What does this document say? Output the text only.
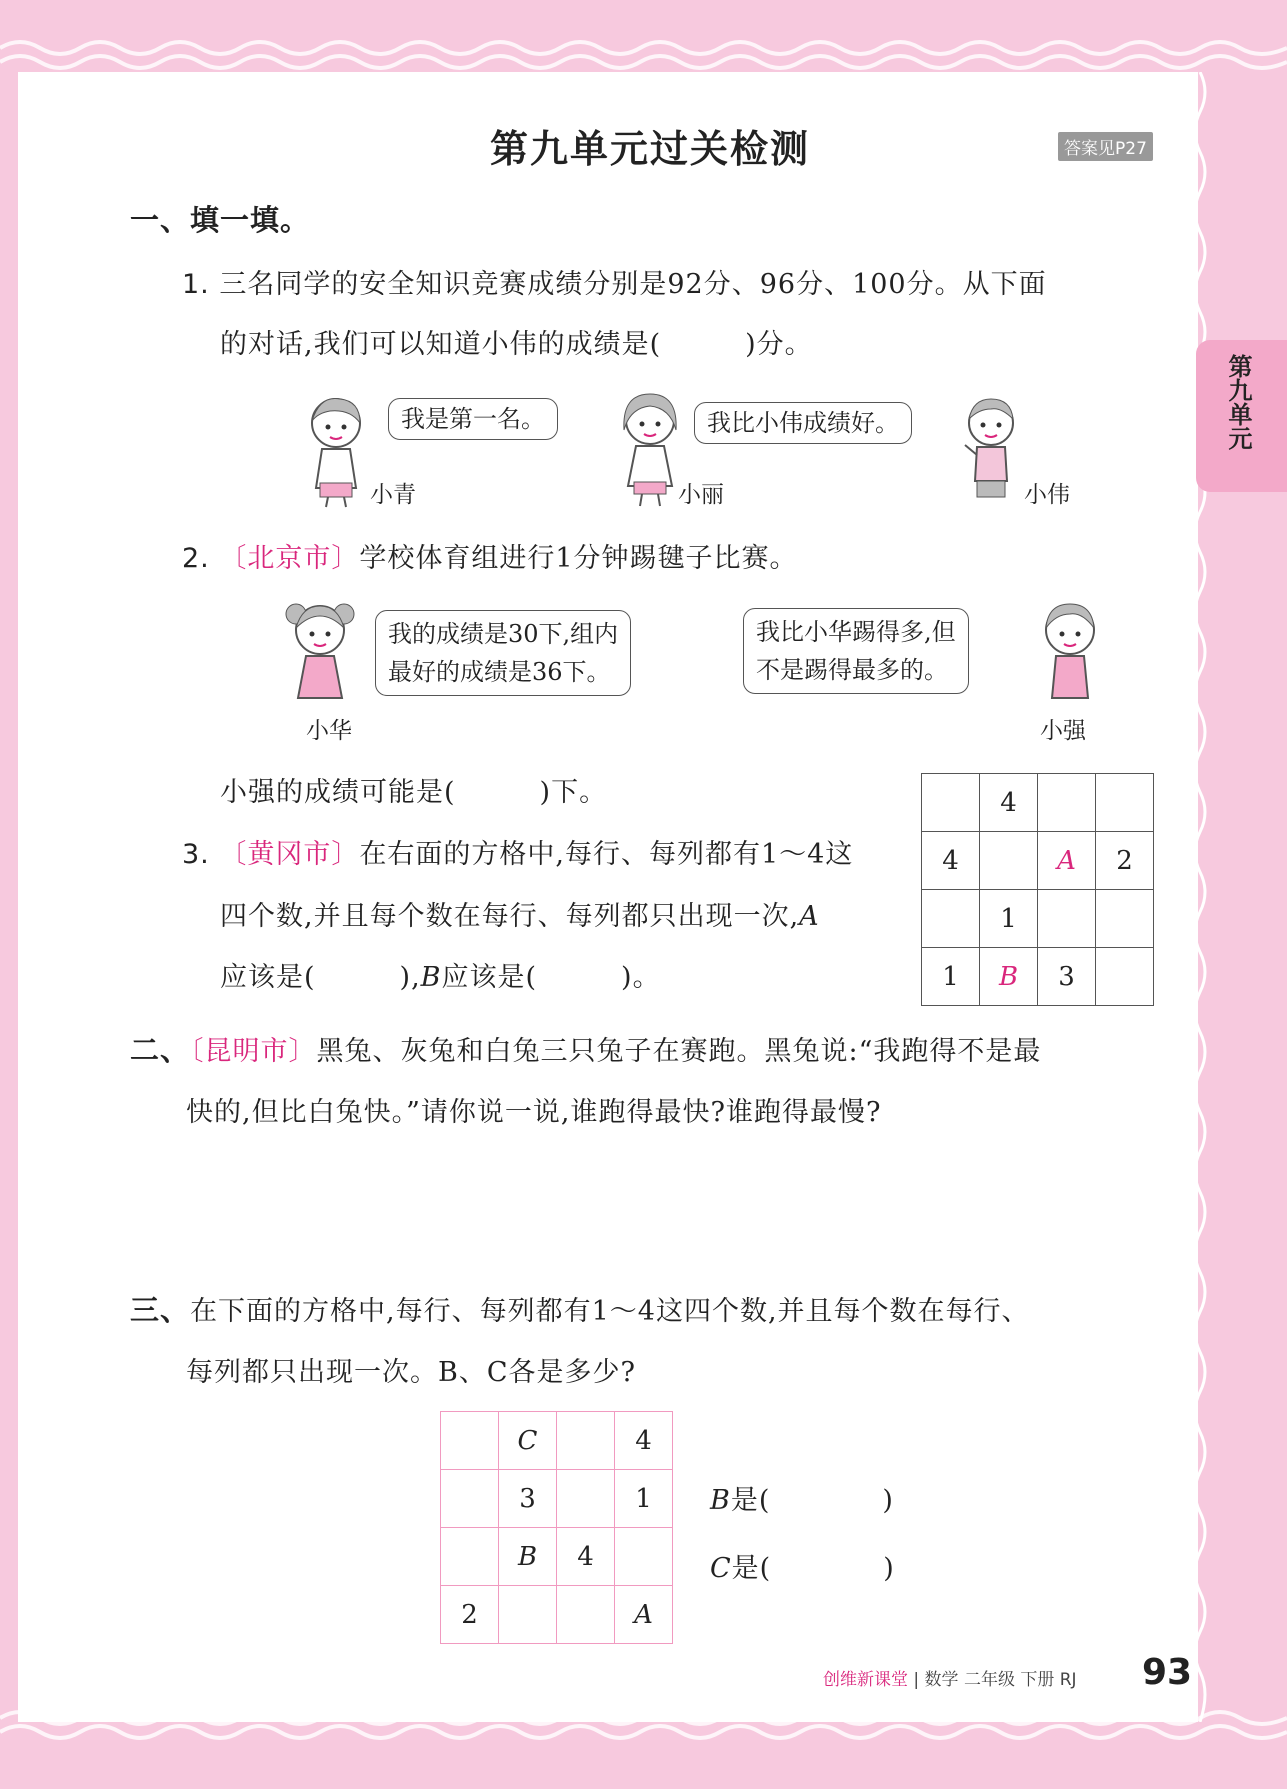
第九单元过关检测	答案见P27
第九单元
一、填一填。
1. 三名同学的安全知识竞赛成绩分别是92分、96分、100分。从下面
的对话,我们可以知道小伟的成绩是(　　　)分。
我是第一名。
小青
我比小伟成绩好。
小丽	小伟
2. 〔北京市〕学校体育组进行1分钟踢毽子比赛。
我的成绩是30下,组内
最好的成绩是36下。
小华
我比小华踢得多,但
不是踢得最多的。
小强
小强的成绩可能是(　　　)下。
3. 〔黄冈市〕在右面的方格中,每行、每列都有1～4这
四个数,并且每个数在每行、每列都只出现一次,A
应该是(　　　),B应该是(　　　)。
	4		
4		A	2
	1		
1	B	3	
二、〔昆明市〕黑兔、灰兔和白兔三只兔子在赛跑。黑兔说:“我跑得不是最
快的,但比白兔快。”请你说一说,谁跑得最快?谁跑得最慢?
三、在下面的方格中,每行、每列都有1～4这四个数,并且每个数在每行、
每列都只出现一次。B、C各是多少?
	C		4
	3		1
	B	4	
2			A
B是(　　　　)
C是(　　　　)
创维新课堂 | 数学 二年级 下册 RJ 93
